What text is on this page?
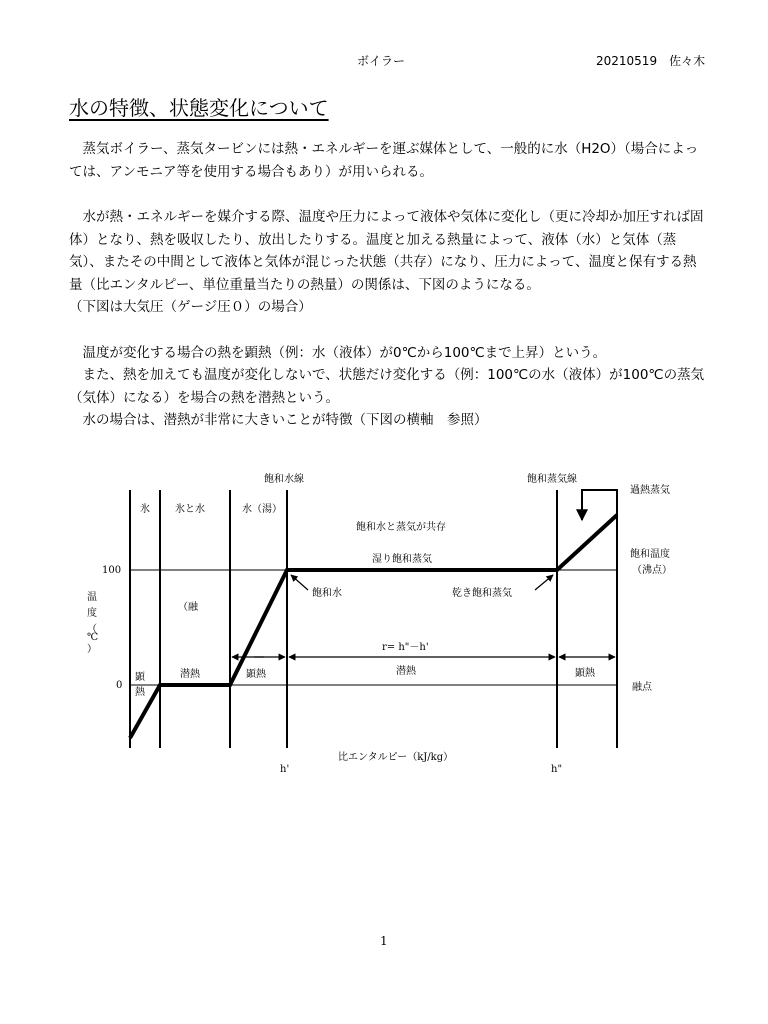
ボイラー	20210519　佐々木
水の特徴、状態変化について

　蒸気ボイラー、蒸気タービンには熱・エネルギーを運ぶ媒体として、一般的に水（H2O）（場合によっては、アンモニア等を使用する場合もあり）が用いられる。

　水が熱・エネルギーを媒介する際、温度や圧力によって液体や気体に変化し（更に冷却か加圧すれば固体）となり、熱を吸収したり、放出したりする。温度と加える熱量によって、液体（水）と気体（蒸気）、またその中間として液体と気体が混じった状態（共存）になり、圧力によって、温度と保有する熱量（比エンタルピー、単位重量当たりの熱量）の関係は、下図のようになる。

（下図は大気圧（ゲージ圧０）の場合）

　温度が変化する場合の熱を顕熱（例：水（液体）が0℃から100℃まで上昇）という。

　また、熱を加えても温度が変化しないで、状態だけ変化する（例：100℃の水（液体）が100℃の蒸気（気体）になる）を場合の熱を潜熱という。

　水の場合は、潜熱が非常に大きいことが特徴（下図の横軸　参照）

飽和水線	飽和蒸気線
過熱蒸気
氷	氷と水	水（湯）
飽和水と蒸気が共存
湿り飽和蒸気	飽和温度
（沸点）
100
0
温
度
（
℃
）
（融
飽和水	乾き飽和蒸気
r= h"－h'
顕熱
潜熱	潜熱	顕熱
顕
熱	融点
比エンタルピー（kJ/kg）
h'	h"
1
